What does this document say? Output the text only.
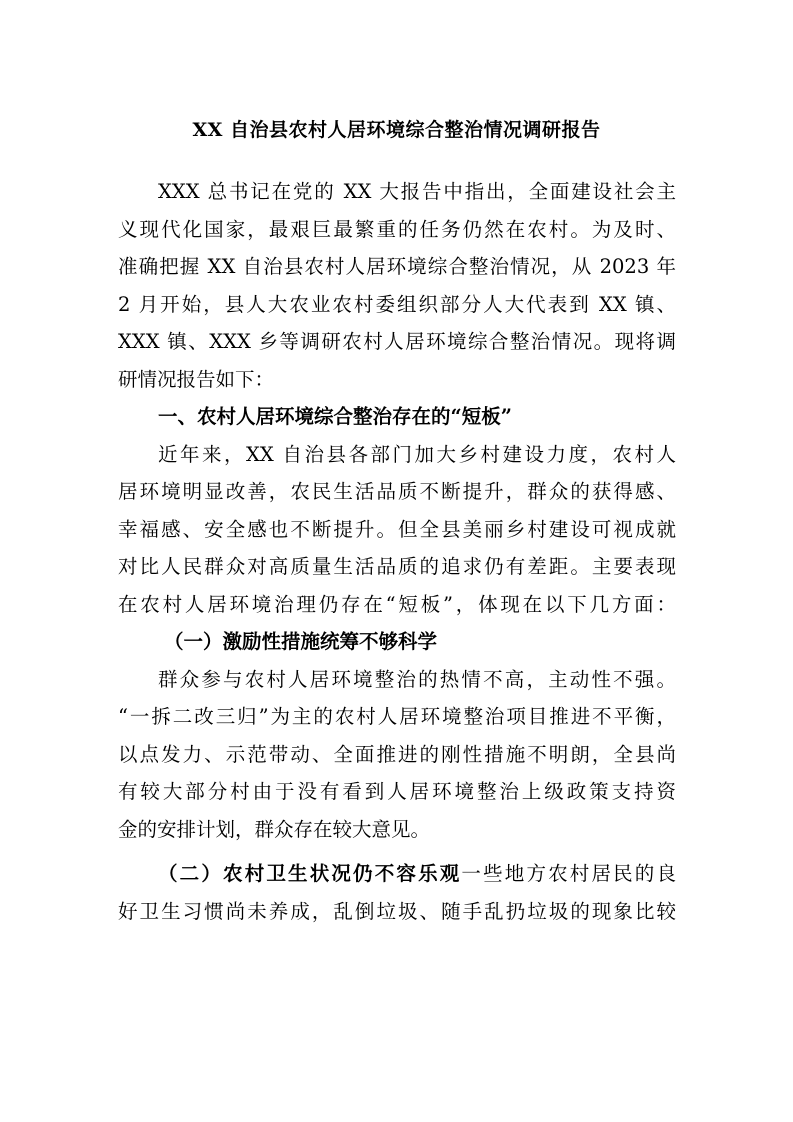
XX 自治县农村人居环境综合整治情况调研报告

XXX 总书记在党的 XX 大报告中指出，全面建设社会主

义现代化国家，最艰巨最繁重的任务仍然在农村。为及时、

准确把握 XX 自治县农村人居环境综合整治情况，从 2023 年

2 月开始，县人大农业农村委组织部分人大代表到 XX 镇、

XXX 镇、XXX 乡等调研农村人居环境综合整治情况。现将调

研情况报告如下：

一、农村人居环境综合整治存在的“短板”

近年来，XX 自治县各部门加大乡村建设力度，农村人

居环境明显改善，农民生活品质不断提升，群众的获得感、

幸福感、安全感也不断提升。但全县美丽乡村建设可视成就

对比人民群众对高质量生活品质的追求仍有差距。主要表现

在农村人居环境治理仍存在“短板”，体现在以下几方面：

（一）激励性措施统筹不够科学

群众参与农村人居环境整治的热情不高，主动性不强。

“一拆二改三归”为主的农村人居环境整治项目推进不平衡，

以点发力、示范带动、全面推进的刚性措施不明朗，全县尚

有较大部分村由于没有看到人居环境整治上级政策支持资

金的安排计划，群众存在较大意见。

（二）农村卫生状况仍不容乐观一些地方农村居民的良

好卫生习惯尚未养成，乱倒垃圾、随手乱扔垃圾的现象比较
